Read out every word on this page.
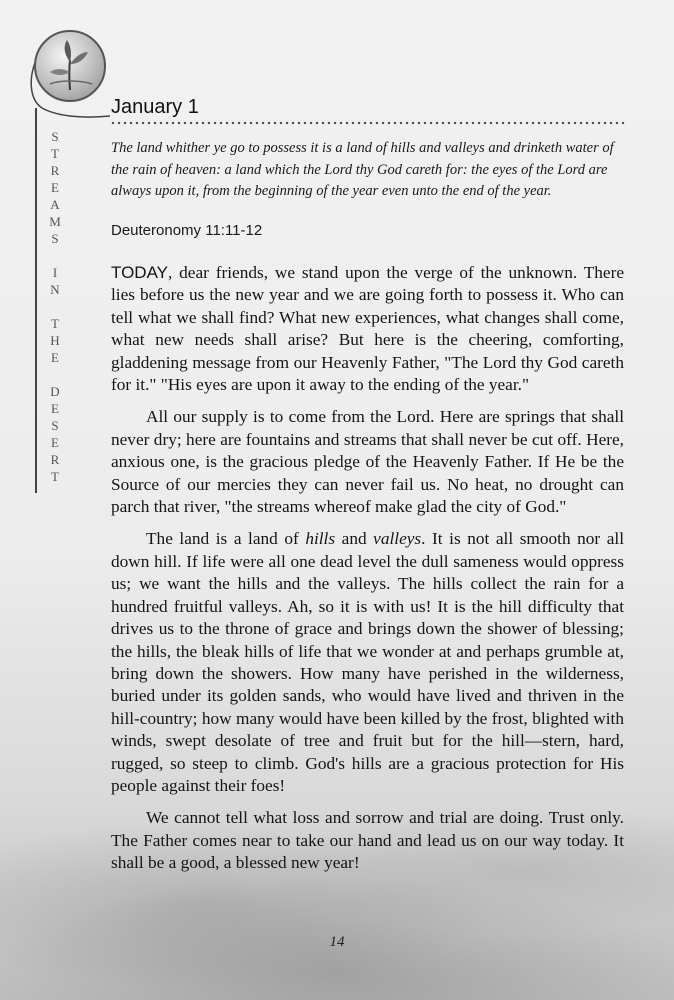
S
T
R
E
A
M
S
I
N
T
H
E
D
E
S
E
R
T
January 1
The land whither ye go to possess it is a land of hills and valleys and drinketh water of the rain of heaven: a land which the Lord thy God careth for: the eyes of the Lord are always upon it, from the beginning of the year even unto the end of the year.
Deuteronomy 11:11-12

TODAY, dear friends, we stand upon the verge of the unknown. There lies before us the new year and we are going forth to possess it. Who can tell what we shall find? What new experiences, what changes shall come, what new needs shall arise? But here is the cheering, comforting, gladdening message from our Heavenly Father, "The Lord thy God careth for it." "His eyes are upon it away to the ending of the year."

All our supply is to come from the Lord. Here are springs that shall never dry; here are fountains and streams that shall never be cut off. Here, anxious one, is the gracious pledge of the Heavenly Father. If He be the Source of our mercies they can never fail us. No heat, no drought can parch that river, "the streams whereof make glad the city of God."

The land is a land of hills and valleys. It is not all smooth nor all down hill. If life were all one dead level the dull sameness would oppress us; we want the hills and the valleys. The hills collect the rain for a hundred fruitful valleys. Ah, so it is with us! It is the hill difficulty that drives us to the throne of grace and brings down the shower of blessing; the hills, the bleak hills of life that we wonder at and perhaps grumble at, bring down the showers. How many have perished in the wilderness, buried under its golden sands, who would have lived and thriven in the hill-country; how many would have been killed by the frost, blighted with winds, swept desolate of tree and fruit but for the hill—stern, hard, rugged, so steep to climb. God's hills are a gracious protection for His people against their foes!

We cannot tell what loss and sorrow and trial are doing. Trust only. The Father comes near to take our hand and lead us on our way today. It shall be a good, a blessed new year!

14
